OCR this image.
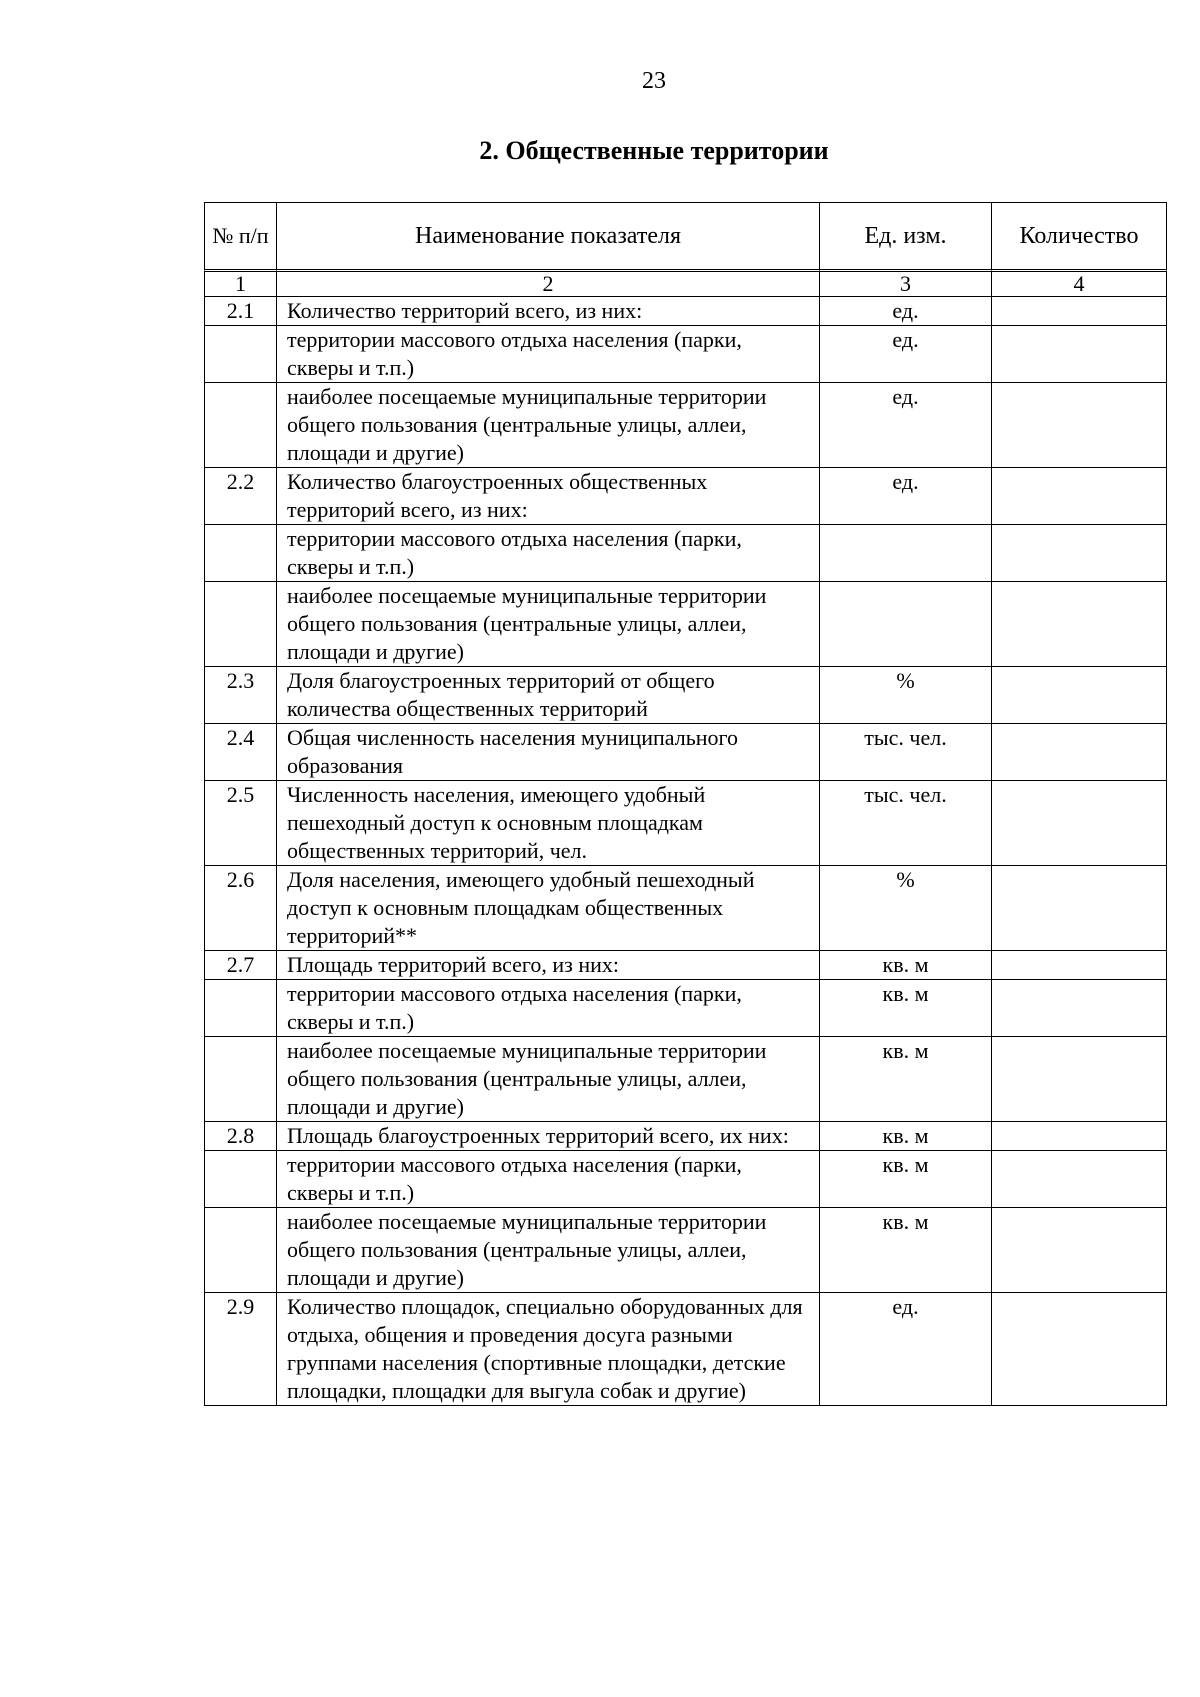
23
2. Общественные территории
№ п/п	Наименование показателя	Ед. изм.	Количество
1	2	3	4
2.1	Количество территорий всего, из них:	ед.	
	территории массового отдыха населения (парки, скверы и т.п.)	ед.	
	наиболее посещаемые муниципальные территории общего пользования (центральные улицы, аллеи, площади и другие)	ед.	
2.2	Количество благоустроенных общественных территорий всего, из них:	ед.	
	территории массового отдыха населения (парки, скверы и т.п.)		
	наиболее посещаемые муниципальные территории общего пользования (центральные улицы, аллеи, площади и другие)		
2.3	Доля благоустроенных территорий от общего количества общественных территорий	%	
2.4	Общая численность населения муниципального образования	тыс. чел.	
2.5	Численность населения, имеющего удобный пешеходный доступ к основным площадкам общественных территорий, чел.	тыс. чел.	
2.6	Доля населения, имеющего удобный пешеходный доступ к основным площадкам общественных территорий**	%	
2.7	Площадь территорий всего, из них:	кв. м	
	территории массового отдыха населения (парки, скверы и т.п.)	кв. м	
	наиболее посещаемые муниципальные территории общего пользования (центральные улицы, аллеи, площади и другие)	кв. м	
2.8	Площадь благоустроенных территорий всего, их них:	кв. м	
	территории массового отдыха населения (парки, скверы и т.п.)	кв. м	
	наиболее посещаемые муниципальные территории общего пользования (центральные улицы, аллеи, площади и другие)	кв. м	
2.9	Количество площадок, специально оборудованных для отдыха, общения и проведения досуга разными группами населения (спортивные площадки, детские площадки, площадки для выгула собак и другие)	ед.	
